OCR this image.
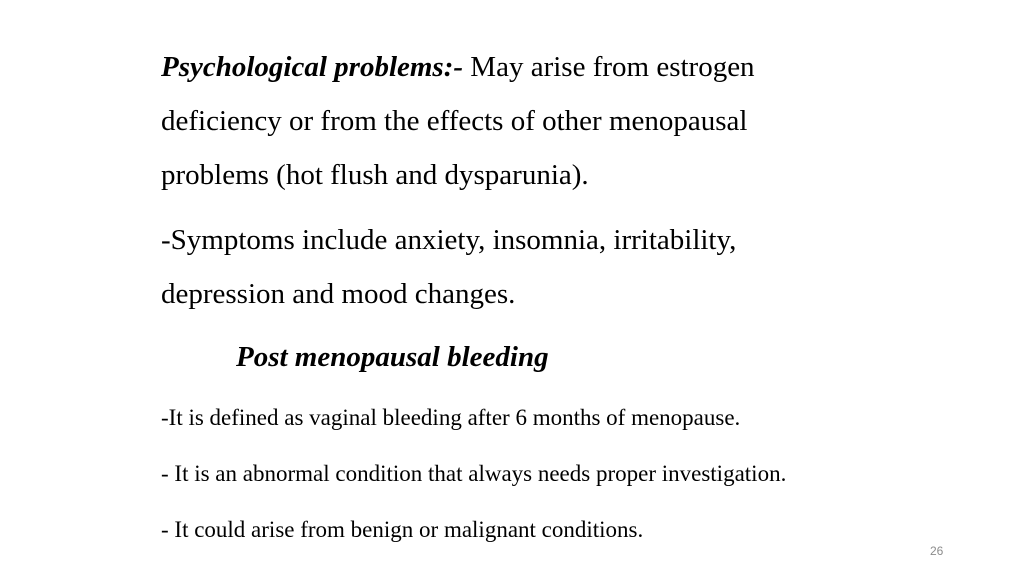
Psychological problems:- May arise from estrogen
deficiency or from the effects of other menopausal
problems (hot flush and dysparunia).
-Symptoms include anxiety, insomnia, irritability,
depression and mood changes.
Post menopausal bleeding
-It is defined as vaginal bleeding after 6 months of menopause.
- It is an abnormal condition that always needs proper investigation.
- It could arise from benign or malignant conditions.
26
